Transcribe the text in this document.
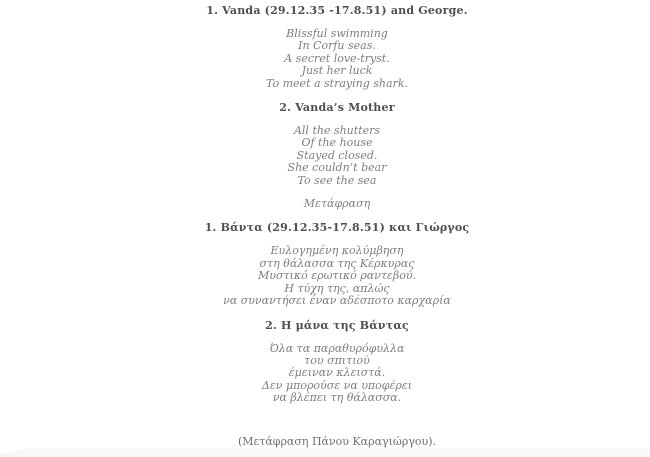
1. Vanda (29.12.35 -17.8.51) and George.

Blissful swimming
In Corfu seas.
A secret love-tryst.
Just her luck
To meet a straying shark.

2. Vanda’s Mother

All the shutters
Of the house
Stayed closed.
She couldn’t bear
To see the sea

Μετάφραση
1. Βάντα (29.12.35-17.8.51) και Γιώργος

Ευλογημένη κολύμβηση
στη θάλασσα της Κέρκυρας
Μυστικό ερωτικό ραντεβού.
Η τύχη της, απλώς
να συναντήσει έναν αδέσποτο καρχαρία

2. Η μάνα της Βάντας

Όλα τα παραθυρόφυλλα
του σπιτιού
έμειναν κλειστά.
Δεν μπορούσε να υποφέρει
να βλέπει τη θάλασσα.

(Μετάφραση Πάνου Καραγιώργου).
